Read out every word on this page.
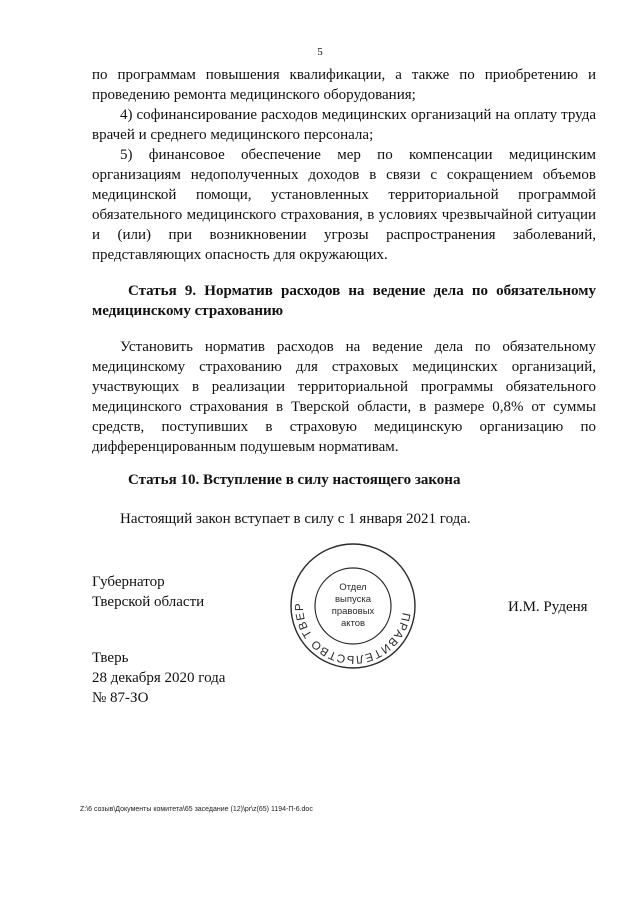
5

по программам повышения квалификации, а также по приобретению и проведению ремонта медицинского оборудования;

4) софинансирование расходов медицинских организаций на оплату труда врачей и среднего медицинского персонала;

5) финансовое обеспечение мер по компенсации медицинским организациям недополученных доходов в связи с сокращением объемов медицинской помощи, установленных территориальной программой обязательного медицинского страхования, в условиях чрезвычайной ситуации и (или) при возникновении угрозы распространения заболеваний, представляющих опасность для окружающих.

Статья 9. Норматив расходов на ведение дела по обязательному медицинскому страхованию

Установить норматив расходов на ведение дела по обязательному медицинскому страхованию для страховых медицинских организаций, участвующих в реализации территориальной программы обязательного медицинского страхования в Тверской области, в размере 0,8% от суммы средств, поступивших в страховую медицинскую организацию по дифференцированным подушевым нормативам.

Статья 10. Вступление в силу настоящего закона

Настоящий закон вступает в силу с 1 января 2021 года.

Губернатор
Тверской области
ПРАВИТЕЛЬСТВО ТВЕР
Отдел
выпуска
правовых
актов
И.М. Руденя
Тверь
28 декабря 2020 года
№ 87-ЗО
Z:\6 созыв\Документы комитета\65 заседание (12)\pr\z(65) 1194-П-6.doc
